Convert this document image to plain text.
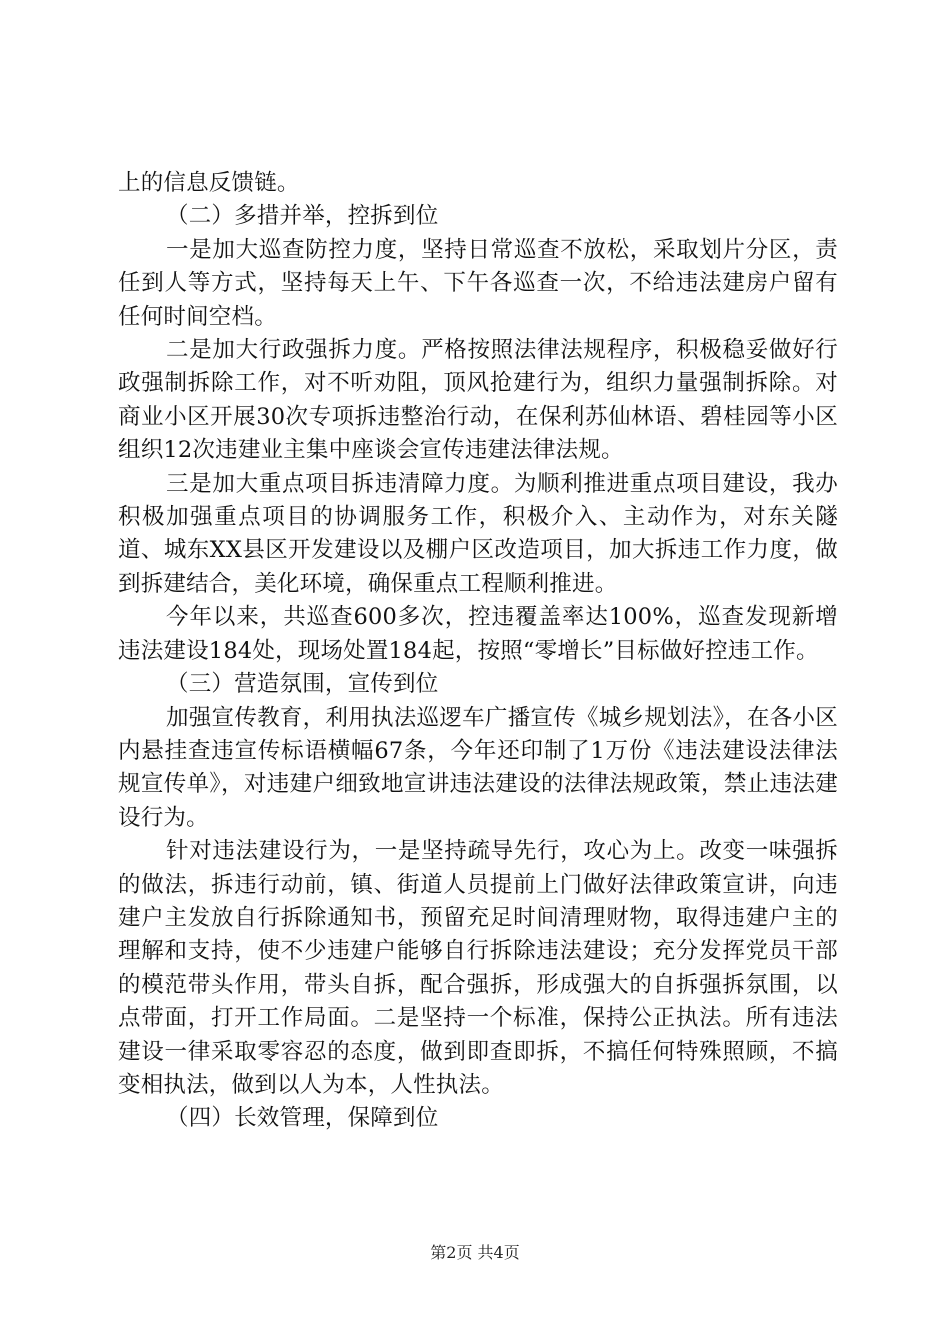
上的信息反馈链。

（二）多措并举，控拆到位

一是加大巡查防控力度，坚持日常巡查不放松，采取划片分区，责任到人等方式，坚持每天上午、下午各巡查一次，不给违法建房户留有任何时间空档。

二是加大行政强拆力度。严格按照法律法规程序，积极稳妥做好行政强制拆除工作，对不听劝阻，顶风抢建行为，组织力量强制拆除。对商业小区开展30次专项拆违整治行动，在保利苏仙林语、碧桂园等小区组织12次违建业主集中座谈会宣传违建法律法规。

三是加大重点项目拆违清障力度。为顺利推进重点项目建设，我办积极加强重点项目的协调服务工作，积极介入、主动作为，对东关隧道、城东XX县区开发建设以及棚户区改造项目，加大拆违工作力度，做到拆建结合，美化环境，确保重点工程顺利推进。

今年以来，共巡查600多次，控违覆盖率达100%，巡查发现新增违法建设184处，现场处置184起，按照“零增长”目标做好控违工作。

（三）营造氛围，宣传到位

加强宣传教育，利用执法巡逻车广播宣传《城乡规划法》，在各小区内悬挂查违宣传标语横幅67条，今年还印制了1万份《违法建设法律法规宣传单》，对违建户细致地宣讲违法建设的法律法规政策，禁止违法建设行为。

针对违法建设行为，一是坚持疏导先行，攻心为上。改变一味强拆的做法，拆违行动前，镇、街道人员提前上门做好法律政策宣讲，向违建户主发放自行拆除通知书，预留充足时间清理财物，取得违建户主的理解和支持，使不少违建户能够自行拆除违法建设；充分发挥党员干部的模范带头作用，带头自拆，配合强拆，形成强大的自拆强拆氛围，以点带面，打开工作局面。二是坚持一个标准，保持公正执法。所有违法建设一律采取零容忍的态度，做到即查即拆，不搞任何特殊照顾，不搞变相执法，做到以人为本，人性执法。

（四）长效管理，保障到位

第2页 共4页
